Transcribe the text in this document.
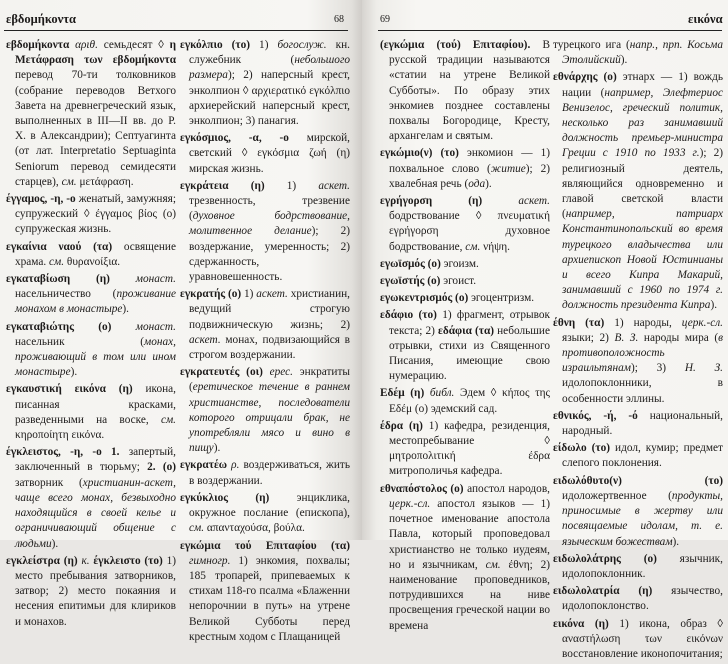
εβδομήκοντα	68
εβδομήκοντα αριθ. семьдесят ◊ η Μετάφραση των εβδομήκοντα перевод 70-ти толковников (собрание переводов Ветхого Завета на древнегреческий язык, выполненных в III—II вв. до Р. Х. в Александрии); Септуагинта (от лат. Interpretatio Septuaginta Seniorum перевод семидесяти старцев), см. μετάφραση.
έγγαμος, -η, -ο женатый, замужняя; супружеский ◊ έγγαμος βίος (ο) супружеская жизнь.
εγκαίνια ναού (τα) освящение храма. см. θυρανοίξια.
εγκαταβίωση (η) монаст. насельничество (проживание монахом в монастыре).
εγκαταβιώτης (ο) монаст. насельник (монах, проживающий в том или ином монастыре).
εγκαυστική εικόνα (η) икона, писанная красками, разведенными на воске, см. κηροποίητη εικόνα.
έγκλειστος, -η, -ο 1. запертый, заключенный в тюрьму; 2. (ο) затворник (христианин-аскет, чаще всего монах, безвыходно находящийся в своей келье и ограничивающий общение с людьми).
εγκλείστρα (η) к. έγκλειστο (το) 1) место пребывания затворников, затвор; 2) место покаяния и несения епитимьи для клириков и монахов.
εγκόλπιο (το) 1) богослуж. кн. служебник (небольшого размера); 2) наперсный крест, энколпион ◊ αρχιερατικό εγκόλπιο архиерейский наперсный крест, энколпион; 3) панагия.
εγκόσμιος, -α, -ο мирской, светский ◊ εγκόσμια ζωή (η) мирская жизнь.
εγκράτεια (η) 1) аскет. трезвенность, трезвение (духовное бодрствование, молитвенное делание); 2) воздержание, умеренность; 2) сдержанность, уравновешенность.
εγκρατής (ο) 1) аскет. христианин, ведущий строгую подвижническую жизнь; 2) аскет. монах, подвизающийся в строгом воздержании.
εγκρατευτές (οι) ерес. энкратиты (еретическое течение в раннем христианстве, последователи которого отрицали брак, не употребляли мясо и вино в пищу).
εγκρατέω ρ. воздерживаться, жить в воздержании.
εγκύκλιος (η) энциклика, окружное послание (епископа), см. απανταχούσα, βούλα.
εγκώμια τού Επιταφίου (τα) гимногр. 1) энкомия, похвалы; 185 тропарей, припеваемых к стихам 118-го псалма «Блаженни непорочнии в путь» на утрене Великой Субботы перед крестным ходом с Плащаницей
69	εικόνα
(εγκώμια (τού) Επιταφίου). В русской традиции называются «статии на утрене Великой Субботы». По образу этих энкомиев позднее составлены похвалы Богородице, Кресту, архангелам и святым.
εγκώμιο(ν) (το) энкомион — 1) похвальное слово (житие); 2) хвалебная речь (ода).
εγρήγορση (η) аскет. бодрствование ◊ πνευματική εγρήγορση духовное бодрствование, см. νήψη.
εγωϊσμός (ο) эгоизм.
εγωϊστής (ο) эгоист.
εγωκεντρισμός (ο) эгоцентризм.
εδάφιο (το) 1) фрагмент, отрывок текста; 2) εδάφια (τα) небольшие отрывки, стихи из Священного Писания, имеющие свою нумерацию.
Εδέμ (η) библ. Эдем ◊ κήπος της Εδέμ (ο) эдемский сад.
έδρα (η) 1) кафедра, резиденция, местопребывание ◊ μητροπολιτική έδρα митрополичья кафедра.
εθναπόστολος (ο) апостол народов, церк.-сл. апостол языков — 1) почетное именование апостола Павла, который проповедовал христианство не только иудеям, но и язычникам, см. έθνη; 2) наименование проповедников, потрудившихся на ниве просвещения греческой нации во времена
турецкого ига (напр., прп. Косьма Этолийский).
εθνάρχης (ο) этнарх — 1) вождь нации (например, Элефтериос Венизелос, греческий политик, несколько раз занимавший должность премьер-министра Греции с 1910 по 1933 г.); 2) религиозный деятель, являющийся одновременно и главой светской власти (например, патриарх Константинопольский во время турецкого владычества или архиепископ Новой Юстинианы и всего Кипра Макарий, занимавший с 1960 по 1974 г. должность президента Кипра).
έθνη (τα) 1) народы, церк.-сл. языки; 2) В. З. народы мира (в противоположность израильтянам); 3) Н. З. идолопоклонники, в особенности эллины.
εθνικός, -ή, -ό национальный, народный.
είδωλο (το) идол, кумир; предмет слепого поклонения.
ειδωλόθυτο(ν) (το) идоложертвенное (продукты, приносимые в жертву или посвящаемые идолам, т. е. языческим божествам).
ειδωλολάτρης (ο) язычник, идолопоклонник.
ειδωλολατρία (η) язычество, идолопоклонство.
εικόνα (η) 1) икона, образ ◊ αναστήλωση των εικόνων восстановление иконопочитания;
